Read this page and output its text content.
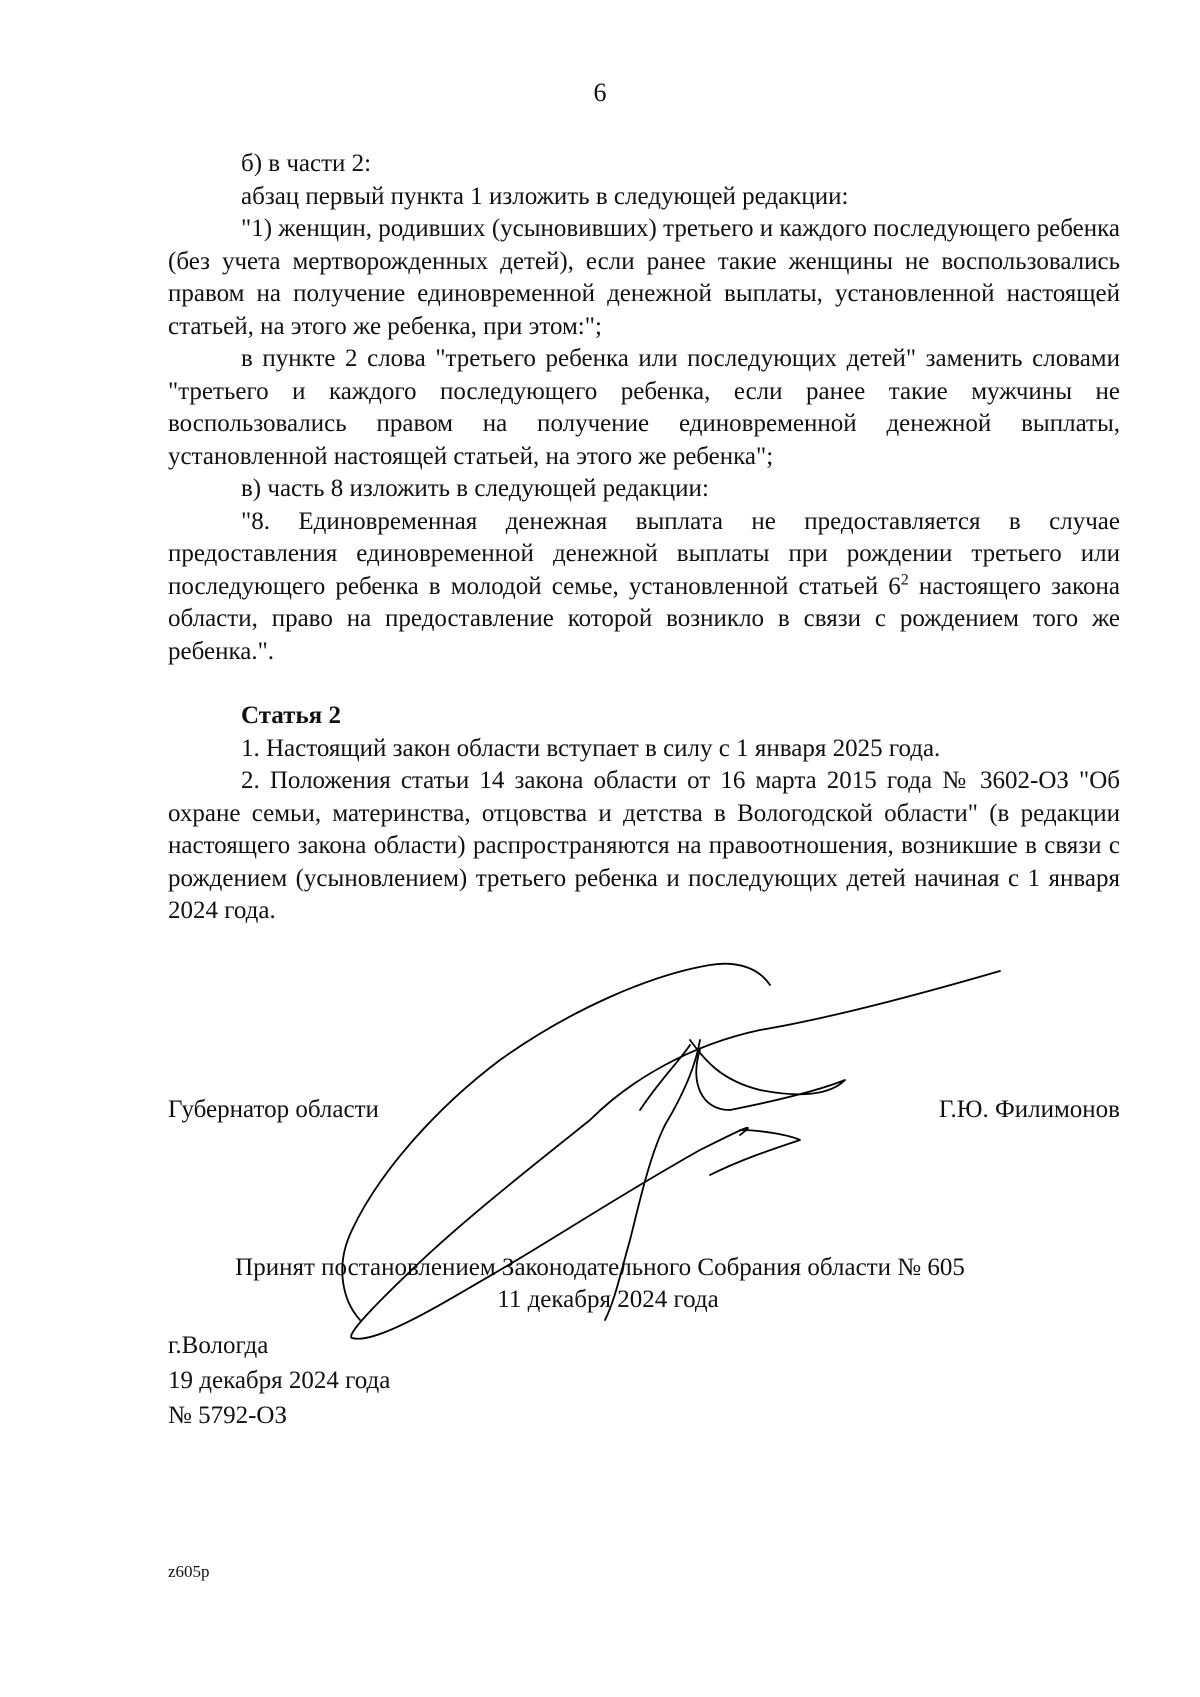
6

б) в части 2:

абзац первый пункта 1 изложить в следующей редакции:

"1) женщин, родивших (усыновивших) третьего и каждого последующего ребенка (без учета мертворожденных детей), если ранее такие женщины не воспользовались правом на получение единовременной денежной выплаты, установленной настоящей статьей, на этого же ребенка, при этом:";

в пункте 2 слова "третьего ребенка или последующих детей" заменить словами "третьего и каждого последующего ребенка, если ранее такие мужчины не воспользовались правом на получение единовременной денежной выплаты, установленной настоящей статьей, на этого же ребенка";

в) часть 8 изложить в следующей редакции:

"8. Единовременная денежная выплата не предоставляется в случае предоставления единовременной денежной выплаты при рождении третьего или последующего ребенка в молодой семье, установленной статьей $6^2$ настоящего закона области, право на предоставление которой возникло в связи с рождением того же ребенка.".

Статья 2

1. Настоящий закон области вступает в силу с 1 января 2025 года.

2. Положения статьи 14 закона области от 16 марта 2015 года № 3602-ОЗ "Об охране семьи, материнства, отцовства и детства в Вологодской области" (в редакции настоящего закона области) распространяются на правоотношения, возникшие в связи с рождением (усыновлением) третьего ребенка и последующих детей начиная с 1 января 2024 года.

Губернатор области	Г.Ю. Филимонов
Принят постановлением Законодательного Собрания области № 605
11 декабря 2024 года
г.Вологда
19 декабря 2024 года
№ 5792-ОЗ
z605p
